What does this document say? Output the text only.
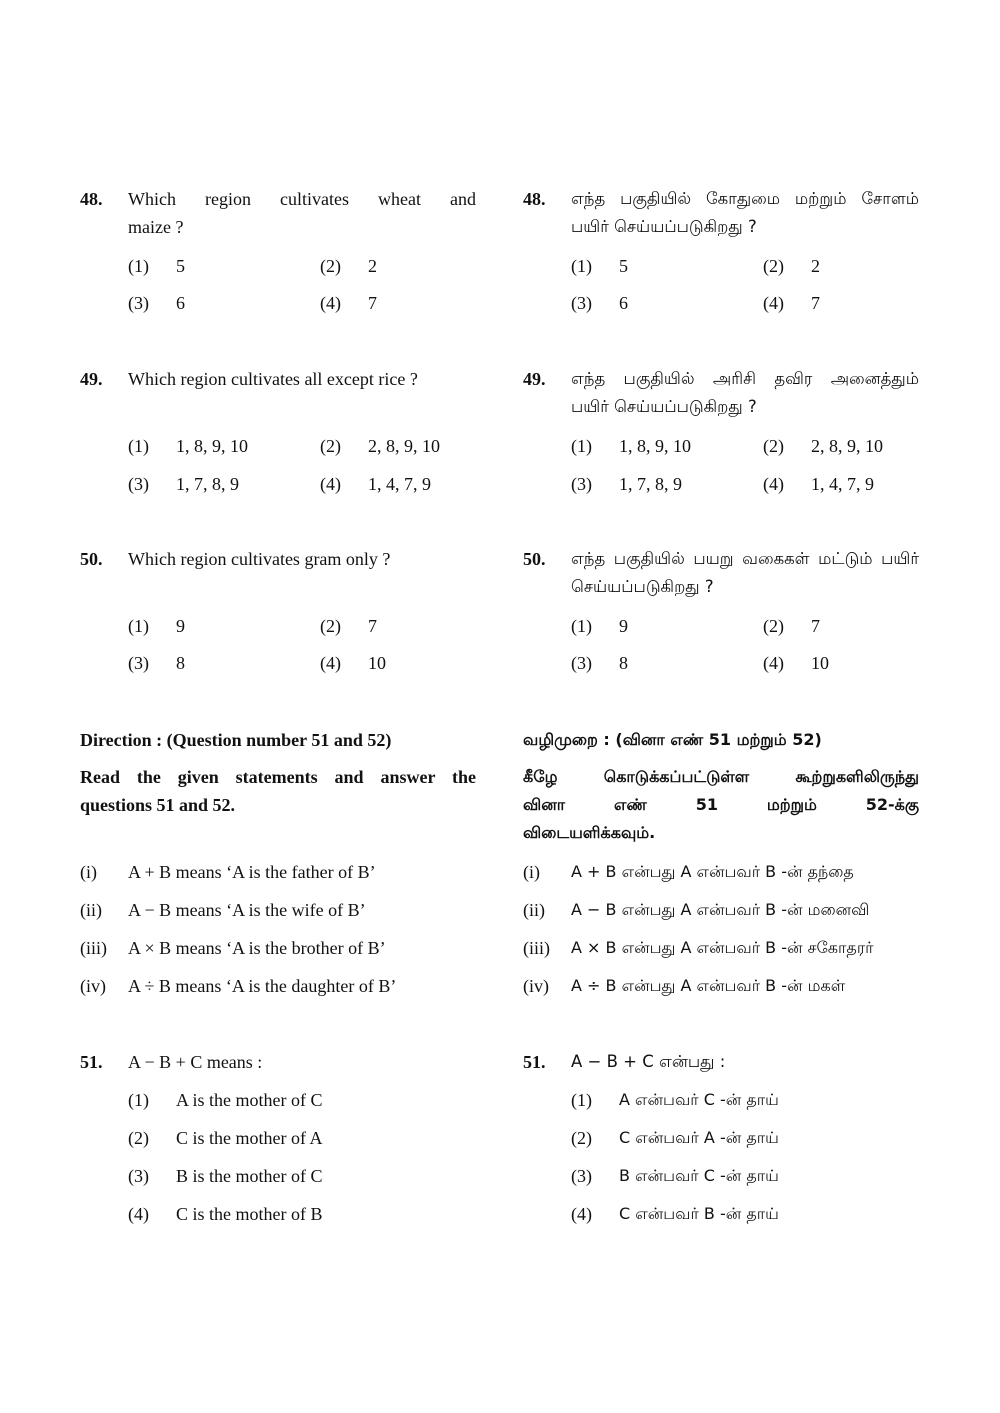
48. Which region cultivates wheat and
maize ?
(1) 5	(2) 2
(3) 6	(4) 7
49. Which region cultivates all except rice ?
(1) 1, 8, 9, 10	(2) 2, 8, 9, 10
(3) 1, 7, 8, 9	(4) 1, 4, 7, 9
50. Which region cultivates gram only ?
(1) 9	(2) 7
(3) 8	(4) 10
Direction : (Question number 51 and 52)
Read the given statements and answer the
questions 51 and 52.
(i) A + B means ‘A is the father of B’
(ii) A − B means ‘A is the wife of B’
(iii) A × B means ‘A is the brother of B’
(iv) A ÷ B means ‘A is the daughter of B’
51. A − B + C means :
(1) A is the mother of C
(2) C is the mother of A
(3) B is the mother of C
(4) C is the mother of B
48. எந்த பகுதியில் கோதுமை மற்றும் சோளம்
பயிர் செய்யப்படுகிறது ?
(1) 5	(2) 2
(3) 6	(4) 7
49. எந்த பகுதியில் அரிசி தவிர அனைத்தும்
பயிர் செய்யப்படுகிறது ?
(1) 1, 8, 9, 10	(2) 2, 8, 9, 10
(3) 1, 7, 8, 9	(4) 1, 4, 7, 9
50. எந்த பகுதியில் பயறு வகைகள் மட்டும் பயிர்
செய்யப்படுகிறது ?
(1) 9	(2) 7
(3) 8	(4) 10
வழிமுறை : (வினா எண் 51 மற்றும் 52)
கீழே கொடுக்கப்பட்டுள்ள கூற்றுகளிலிருந்து
வினா எண் 51 மற்றும் 52-க்கு
விடையளிக்கவும்.
(i) A + B என்பது A என்பவர் B -ன் தந்தை
(ii) A − B என்பது A என்பவர் B -ன் மனைவி
(iii) A × B என்பது A என்பவர் B -ன் சகோதரர்
(iv) A ÷ B என்பது A என்பவர் B -ன் மகள்
51. A − B + C என்பது :
(1) A என்பவர் C -ன் தாய்
(2) C என்பவர் A -ன் தாய்
(3) B என்பவர் C -ன் தாய்
(4) C என்பவர் B -ன் தாய்
